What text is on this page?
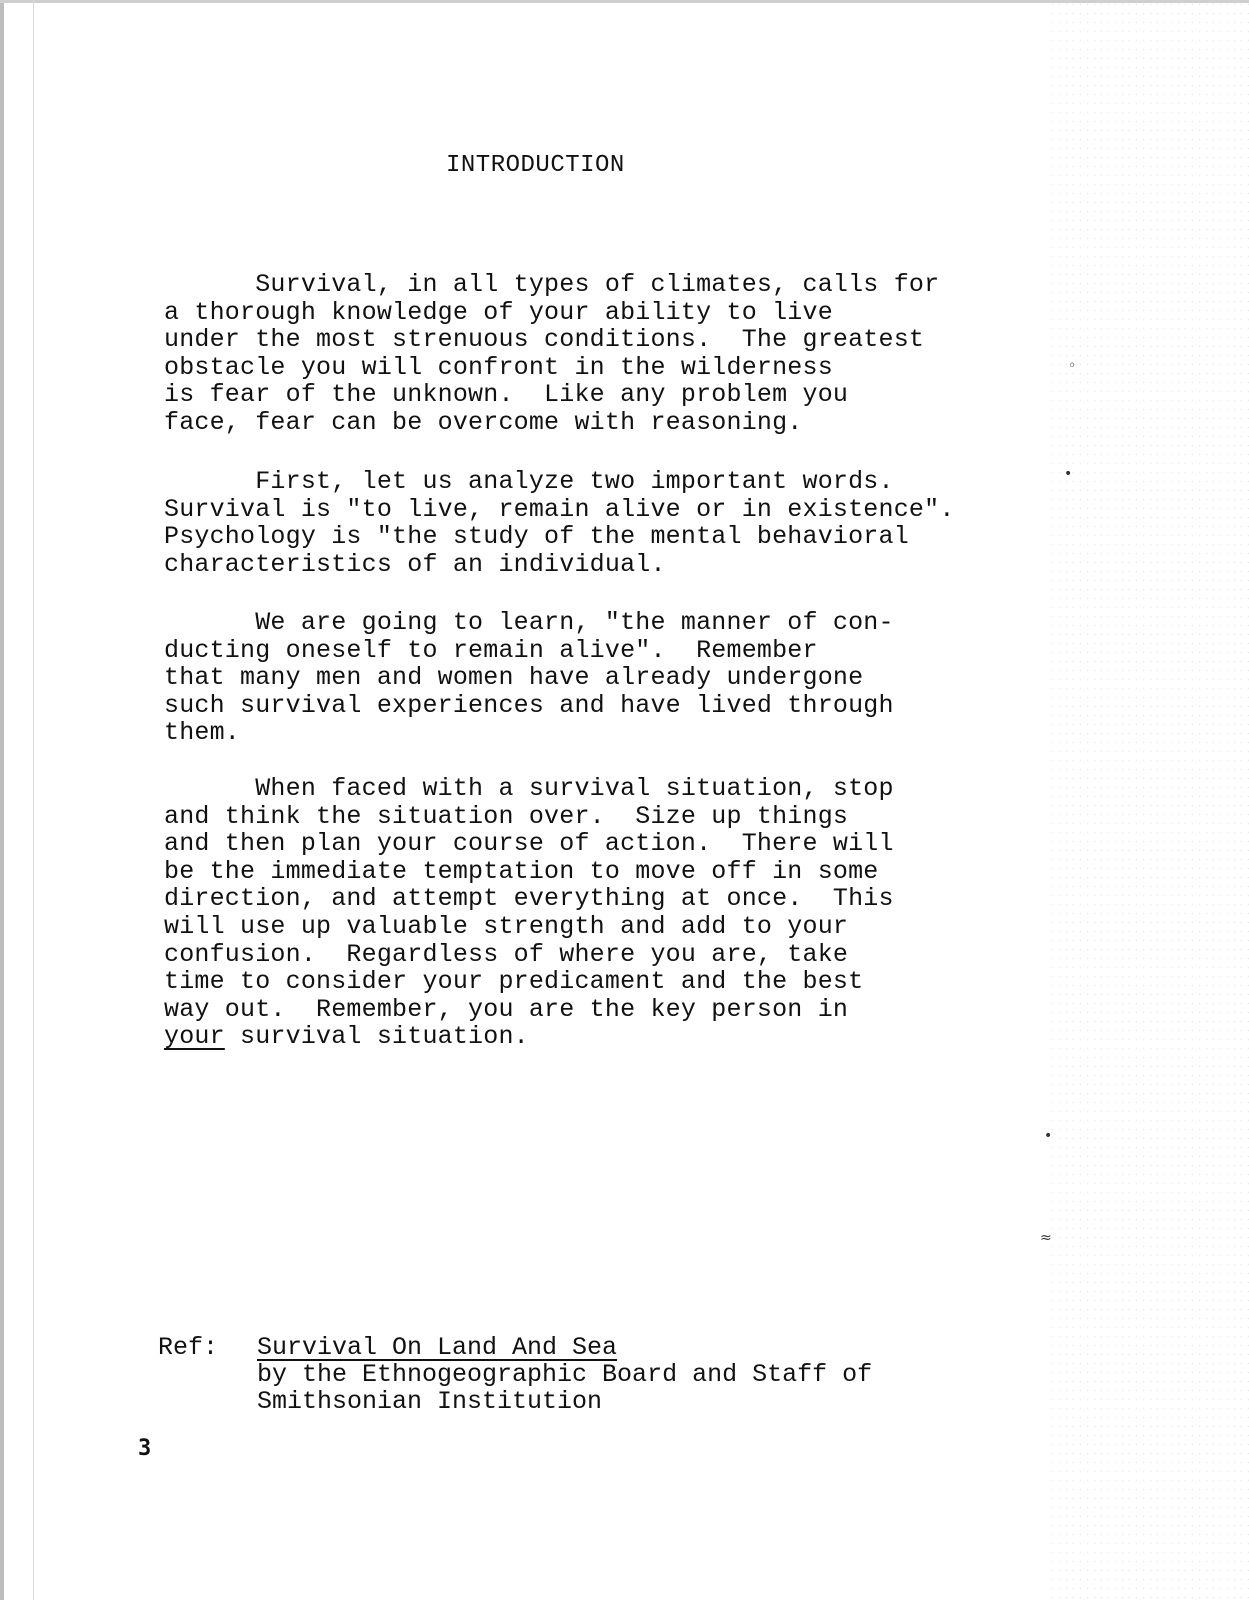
◦
•
•
≈
INTRODUCTION
Survival, in all types of climates, calls for
a thorough knowledge of your ability to live
under the most strenuous conditions.  The greatest
obstacle you will confront in the wilderness
is fear of the unknown.  Like any problem you
face, fear can be overcome with reasoning.
First, let us analyze two important words.
Survival is "to live, remain alive or in existence".
Psychology is "the study of the mental behavioral
characteristics of an individual.
We are going to learn, "the manner of con-
ducting oneself to remain alive".  Remember
that many men and women have already undergone
such survival experiences and have lived through
them.
When faced with a survival situation, stop
and think the situation over.  Size up things
and then plan your course of action.  There will
be the immediate temptation to move off in some
direction, and attempt everything at once.  This
will use up valuable strength and add to your
confusion.  Regardless of where you are, take
time to consider your predicament and the best
way out.  Remember, you are the key person in
your survival situation.

Ref:

Survival On Land And Sea
by the Ethnogeographic Board and Staff of
Smithsonian Institution

3
